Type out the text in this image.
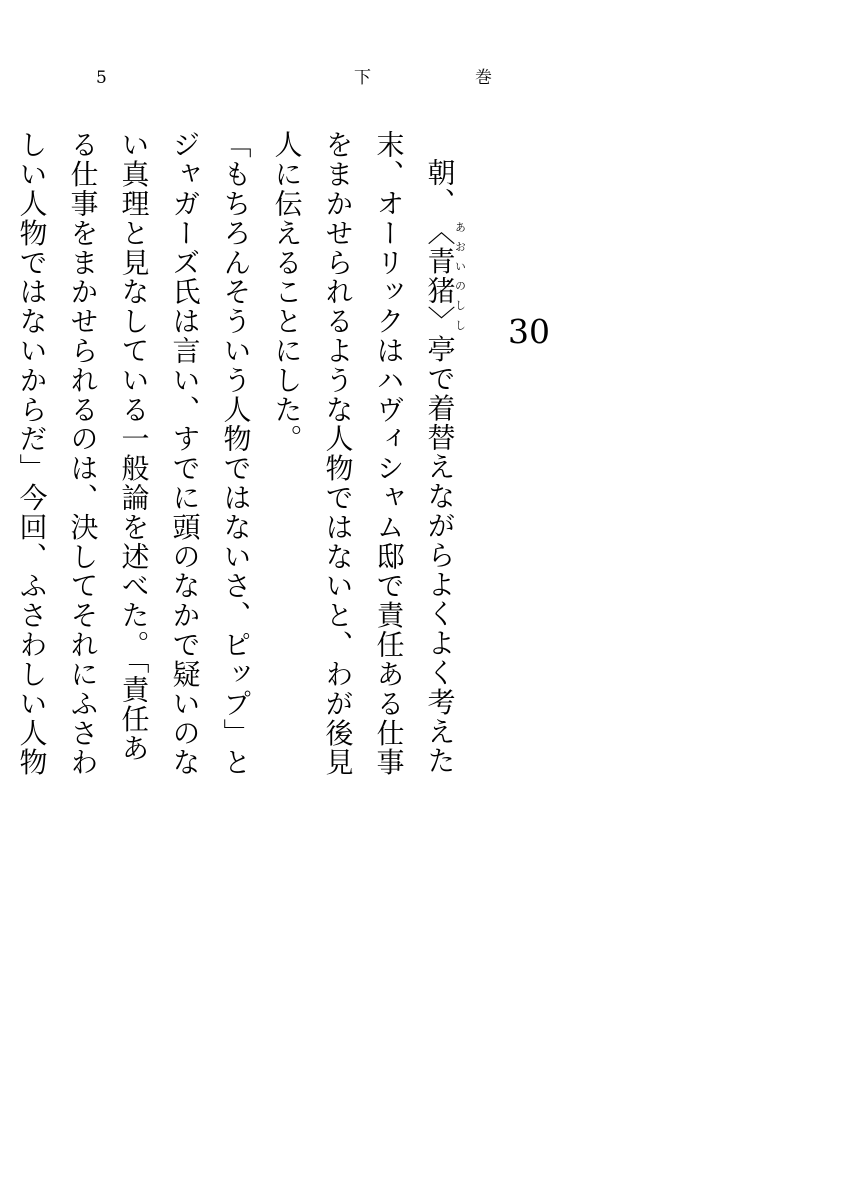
5	下巻
30

朝、〈青猪〉あおいのしし亭で着替えながらよくよく考えた
末、オーリックはハヴィシャム邸で責任ある仕事
をまかせられるような人物ではないと、わが後見
人に伝えることにした。

「もちろんそういう人物ではないさ、ピップ」と
ジャガーズ氏は言い、すでに頭のなかで疑いのな
い真理と見なしている一般論を述べた。「責任あ
る仕事をまかせられるのは、決してそれにふさわ
しい人物ではないからだ」今回、ふさわしい人物
